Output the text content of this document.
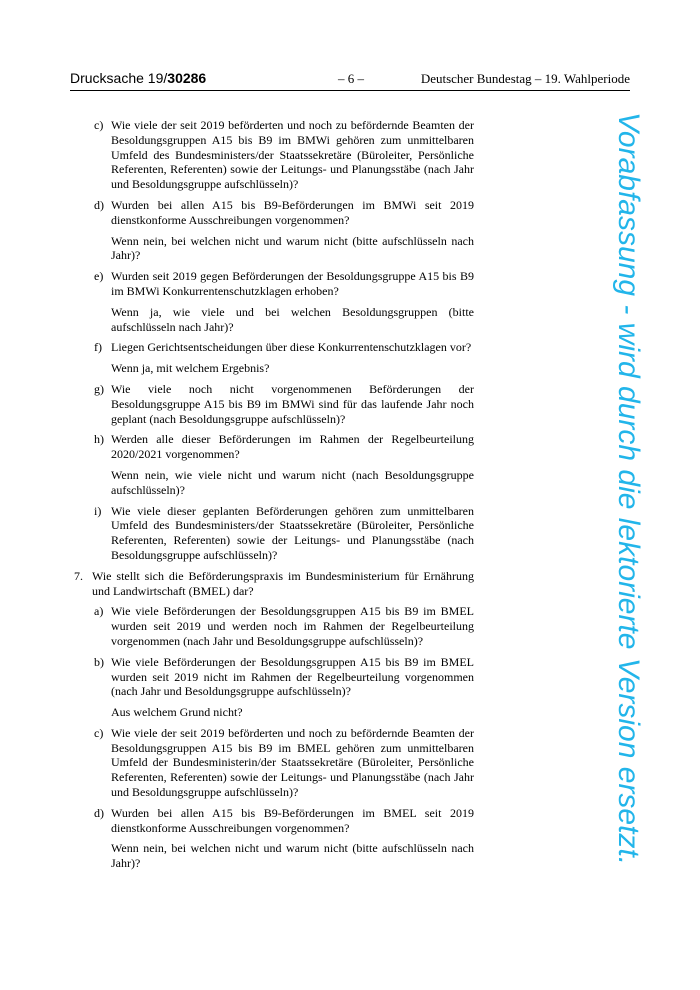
Drucksache 19/30286	– 6 –	Deutscher Bundestag – 19. Wahlperiode
c) Wie viele der seit 2019 beförderten und noch zu befördernde Beamten der Besoldungsgruppen A15 bis B9 im BMWi gehören zum unmittelbaren Umfeld des Bundesministers/der Staatssekretäre (Büroleiter, Persönliche Referenten, Referenten) sowie der Leitungs- und Planungsstäbe (nach Jahr und Besoldungsgruppe aufschlüsseln)?

d) Wurden bei allen A15 bis B9-Beförderungen im BMWi seit 2019 dienstkonforme Ausschreibungen vorgenommen?

Wenn nein, bei welchen nicht und warum nicht (bitte aufschlüsseln nach Jahr)?

e) Wurden seit 2019 gegen Beförderungen der Besoldungsgruppe A15 bis B9 im BMWi Konkurrentenschutzklagen erhoben?

Wenn ja, wie viele und bei welchen Besoldungsgruppen (bitte aufschlüsseln nach Jahr)?

f) Liegen Gerichtsentscheidungen über diese Konkurrentenschutzklagen vor?

Wenn ja, mit welchem Ergebnis?

g) Wie viele noch nicht vorgenommenen Beförderungen der Besoldungsgruppe A15 bis B9 im BMWi sind für das laufende Jahr noch geplant (nach Besoldungsgruppe aufschlüsseln)?

h) Werden alle dieser Beförderungen im Rahmen der Regelbeurteilung 2020/2021 vorgenommen?

Wenn nein, wie viele nicht und warum nicht (nach Besoldungsgruppe aufschlüsseln)?

i) Wie viele dieser geplanten Beförderungen gehören zum unmittelbaren Umfeld des Bundesministers/der Staatssekretäre (Büroleiter, Persönliche Referenten, Referenten) sowie der Leitungs- und Planungsstäbe (nach Besoldungsgruppe aufschlüsseln)?

7. Wie stellt sich die Beförderungspraxis im Bundesministerium für Ernährung und Landwirtschaft (BMEL) dar?

a) Wie viele Beförderungen der Besoldungsgruppen A15 bis B9 im BMEL wurden seit 2019 und werden noch im Rahmen der Regelbeurteilung vorgenommen (nach Jahr und Besoldungsgruppe aufschlüsseln)?

b) Wie viele Beförderungen der Besoldungsgruppen A15 bis B9 im BMEL wurden seit 2019 nicht im Rahmen der Regelbeurteilung vorgenommen (nach Jahr und Besoldungsgruppe aufschlüsseln)?

Aus welchem Grund nicht?

c) Wie viele der seit 2019 beförderten und noch zu befördernde Beamten der Besoldungsgruppen A15 bis B9 im BMEL gehören zum unmittelbaren Umfeld der Bundesministerin/der Staatssekretäre (Büroleiter, Persönliche Referenten, Referenten) sowie der Leitungs- und Planungsstäbe (nach Jahr und Besoldungsgruppe aufschlüsseln)?

d) Wurden bei allen A15 bis B9-Beförderungen im BMEL seit 2019 dienstkonforme Ausschreibungen vorgenommen?

Wenn nein, bei welchen nicht und warum nicht (bitte aufschlüsseln nach Jahr)?	Vorabfassung - wird durch die lektorierte Version ersetzt.
